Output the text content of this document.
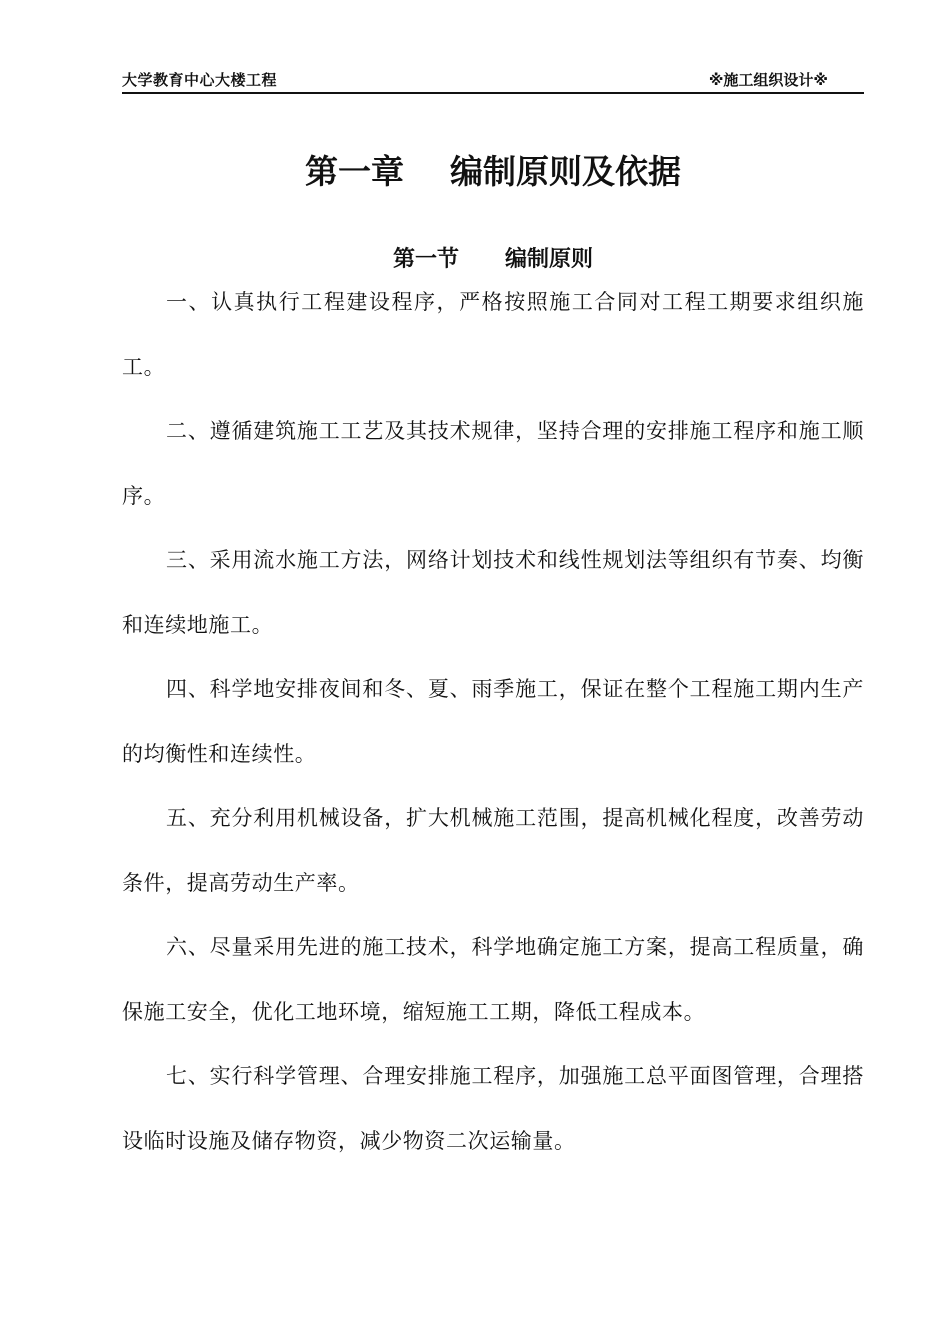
大学教育中心大楼工程	※施工组织设计※
第一章    编制原则及依据
第一节      编制原则

一、认真执行工程建设程序，严格按照施工合同对工程工期要求组织施工。

二、遵循建筑施工工艺及其技术规律，坚持合理的安排施工程序和施工顺序。

三、采用流水施工方法，网络计划技术和线性规划法等组织有节奏、均衡和连续地施工。

四、科学地安排夜间和冬、夏、雨季施工，保证在整个工程施工期内生产的均衡性和连续性。

五、充分利用机械设备，扩大机械施工范围，提高机械化程度，改善劳动条件，提高劳动生产率。

六、尽量采用先进的施工技术，科学地确定施工方案，提高工程质量，确保施工安全，优化工地环境，缩短施工工期，降低工程成本。

七、实行科学管理、合理安排施工程序，加强施工总平面图管理，合理搭设临时设施及储存物资，减少物资二次运输量。
